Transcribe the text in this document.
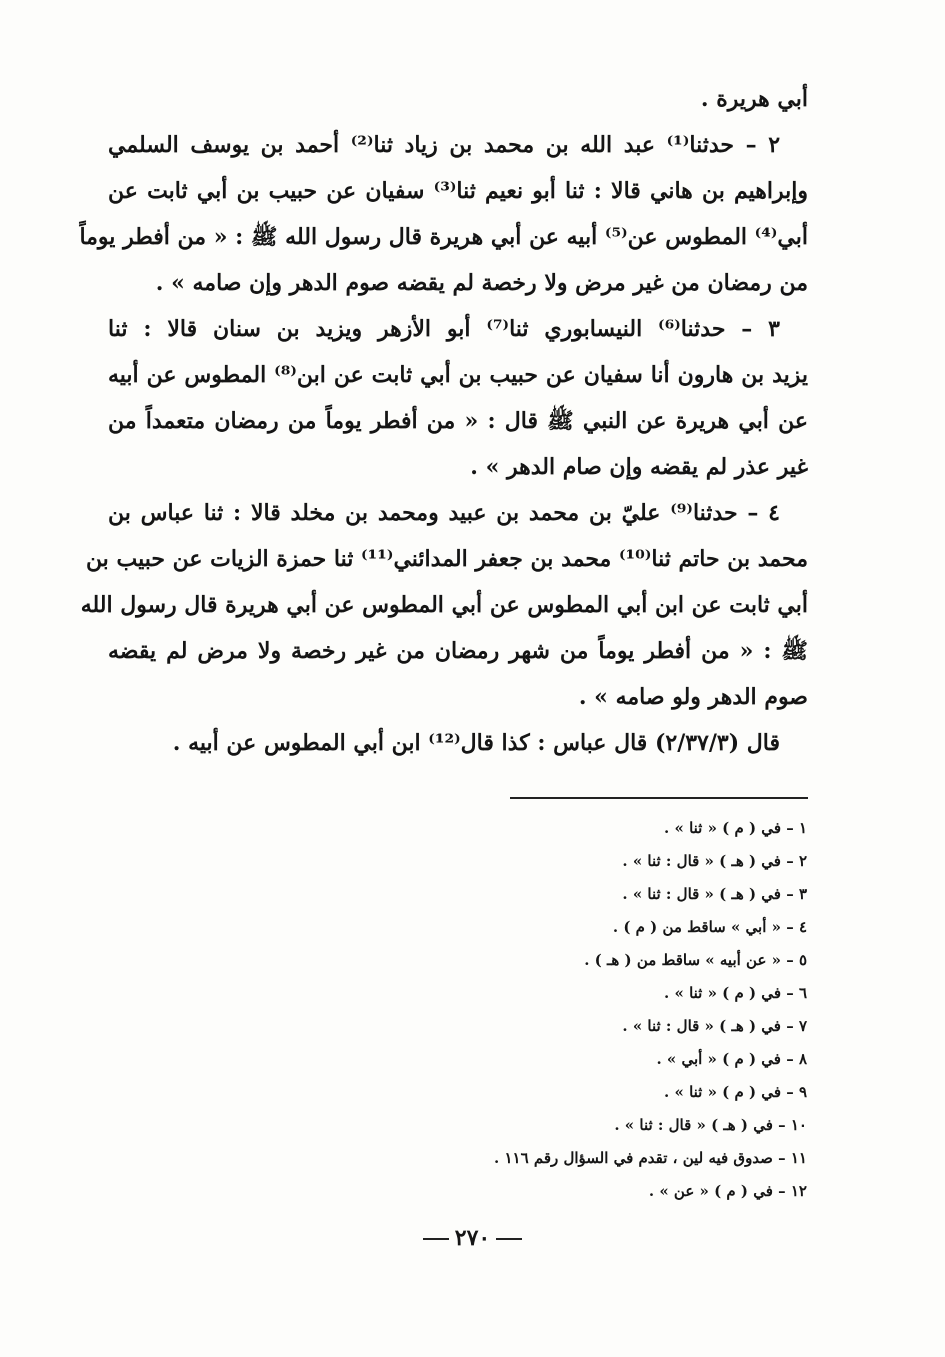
أبي هريرة .
٢ – حدثنا⁽¹⁾ عبد الله بن محمد بن زياد ثنا⁽²⁾ أحمد بن يوسف السلمي
وإبراهيم بن هاني قالا : ثنا أبو نعيم ثنا⁽³⁾ سفيان عن حبيب بن أبي ثابت عن
أبي⁽⁴⁾ المطوس عن⁽⁵⁾ أبيه عن أبي هريرة قال رسول الله ﷺ : « من أفطر يوماً
من رمضان من غير مرض ولا رخصة لم يقضه صوم الدهر وإن صامه » .
٣ – حدثنا⁽⁶⁾ النيسابوري ثنا⁽⁷⁾ أبو الأزهر ويزيد بن سنان قالا : ثنا
يزيد بن هارون أنا سفيان عن حبيب بن أبي ثابت عن ابن⁽⁸⁾ المطوس عن أبيه
عن أبي هريرة عن النبي ﷺ قال : « من أفطر يوماً من رمضان متعمداً من
غير عذر لم يقضه وإن صام الدهر » .
٤ – حدثنا⁽⁹⁾ عليّ بن محمد بن عبيد ومحمد بن مخلد قالا : ثنا عباس بن
محمد بن حاتم ثنا⁽¹⁰⁾ محمد بن جعفر المدائني⁽¹¹⁾ ثنا حمزة الزيات عن حبيب بن
أبي ثابت عن ابن أبي المطوس عن أبي المطوس عن أبي هريرة قال رسول الله
ﷺ : « من أفطر يوماً من شهر رمضان من غير رخصة ولا مرض لم يقضه
صوم الدهر ولو صامه » .
قال (٢/٣٧/٣) قال عباس : كذا قال⁽¹²⁾ ابن أبي المطوس عن أبيه .
١ – في ( م ) « ثنا » .
٢ – في ( هـ ) « قال : ثنا » .
٣ – في ( هـ ) « قال : ثنا » .
٤ – « أبي » ساقط من ( م ) .
٥ – « عن أبيه » ساقط من ( هـ ) .
٦ – في ( م ) « ثنا » .
٧ – في ( هـ ) « قال : ثنا » .
٨ – في ( م ) « أبي » .
٩ – في ( م ) « ثنا » .
١٠ – في ( هـ ) « قال : ثنا » .
١١ – صدوق فيه لين ، تقدم في السؤال رقم ١١٦ .
١٢ – في ( م ) « عن » .
٢٧٠
